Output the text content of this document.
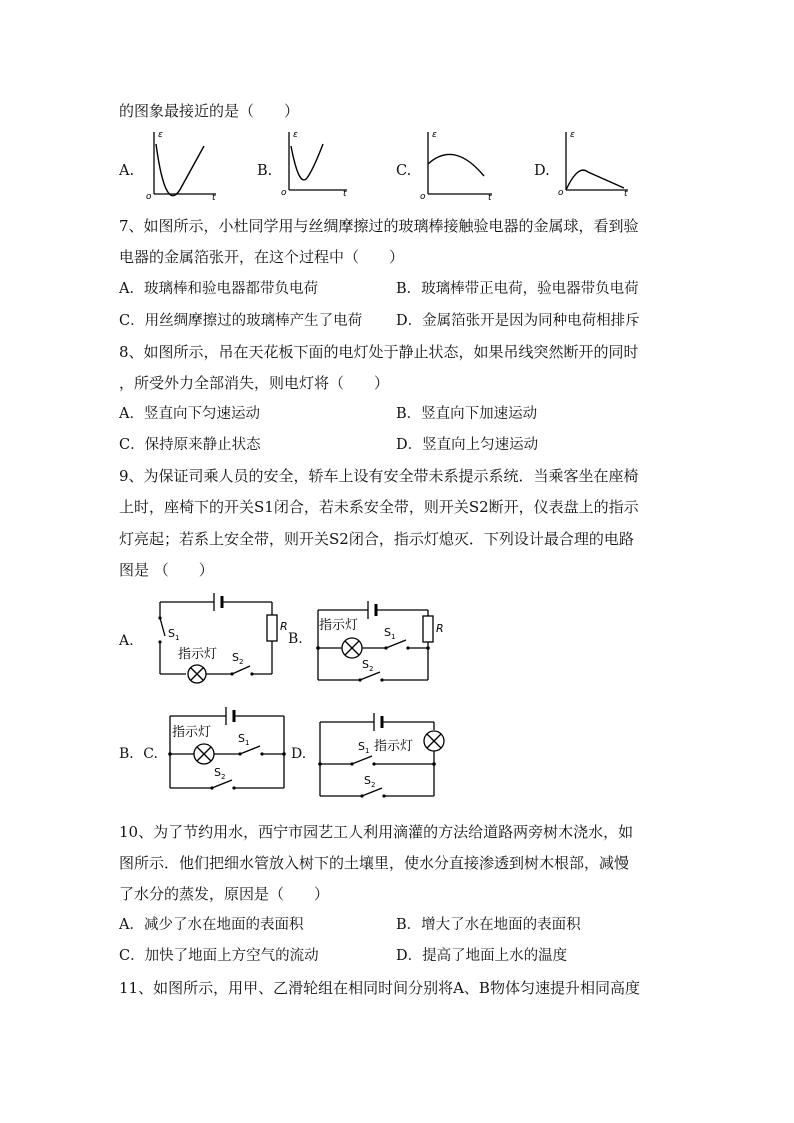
的图象最接近的是（　　）
A.
ε
t
o
B.
ε
t
o
C.
ε
t
o
D.
ε
t
o
7、如图所示，小杜同学用与丝绸摩擦过的玻璃棒接触验电器的金属球，看到验
电器的金属箔张开，在这个过程中（　　）
A．玻璃棒和验电器都带负电荷	B．玻璃棒带正电荷，验电器带负电荷
C．用丝绸摩擦过的玻璃棒产生了电荷 D．金属箔张开是因为同种电荷相排斥
8、如图所示，吊在天花板下面的电灯处于静止状态，如果吊线突然断开的同时
，所受外力全部消失，则电灯将（　　）
A．竖直向下匀速运动	B．竖直向下加速运动
C．保持原来静止状态	D．竖直向上匀速运动
9、为保证司乘人员的安全，轿车上设有安全带未系提示系统．当乘客坐在座椅
上时，座椅下的开关S1闭合，若未系安全带，则开关S2断开，仪表盘上的指示
灯亮起；若系上安全带，则开关S2闭合，指示灯熄灭．下列设计最合理的电路
图是 （　　）
A.	S 1
指示灯 S 2
R
B.
指示灯 S 1
S 2
R
B．C.
指示灯 S 1
S 2
D.	S 1 指示灯
S 2
10、为了节约用水，西宁市园艺工人利用滴灌的方法给道路两旁树木浇水，如
图所示．他们把细水管放入树下的土壤里，使水分直接渗透到树木根部，减慢
了水分的蒸发，原因是（　　）
A．减少了水在地面的表面积	B．增大了水在地面的表面积
C．加快了地面上方空气的流动	D．提高了地面上水的温度
11、如图所示，用甲、乙滑轮组在相同时间分别将A、B物体匀速提升相同高度
